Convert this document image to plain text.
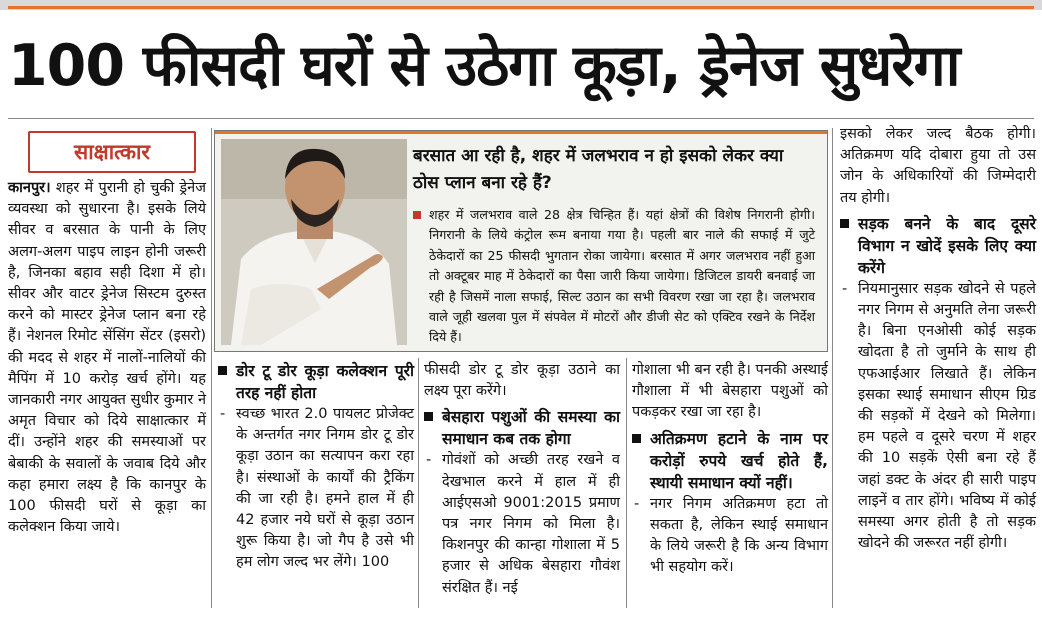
100 फीसदी घरों से उठेगा कूड़ा, ड्रेनेज सुधरेगा
साक्षात्कार

कानपुर। शहर में पुरानी हो चुकी ड्रेनेज व्यवस्था को सुधारना है। इसके लिये सीवर व बरसात के पानी के लिए अलग-अलग पाइप लाइन होनी जरूरी है, जिनका बहाव सही दिशा में हो। सीवर और वाटर ड्रेनेज सिस्टम दुरुस्त करने को मास्टर ड्रेनेज प्लान बना रहे हैं। नेशनल रिमोट सेंसिंग सेंटर (इसरो) की मदद से शहर में नालों-नालियों की मैपिंग में 10 करोड़ खर्च होंगे। यह जानकारी नगर आयुक्त सुधीर कुमार ने अमृत विचार को दिये साक्षात्कार में दीं। उन्होंने शहर की समस्याओं पर बेबाकी के सवालों के जवाब दिये और कहा हमारा लक्ष्य है कि कानपुर के 100 फीसदी घरों से कूड़ा का कलेक्शन किया जाये।

बरसात आ रही है, शहर में जलभराव न हो इसको लेकर क्या ठोस प्लान बना रहे हैं?
शहर में जलभराव वाले 28 क्षेत्र चिन्हित हैं। यहां क्षेत्रों की विशेष निगरानी होगी। निगरानी के लिये कंट्रोल रूम बनाया गया है। पहली बार नाले की सफाई में जुटे ठेकेदारों का 25 फीसदी भुगतान रोका जायेगा। बरसात में अगर जलभराव नहीं हुआ तो अक्टूबर माह में ठेकेदारों का पैसा जारी किया जायेगा। डिजिटल डायरी बनवाई जा रही है जिसमें नाला सफाई, सिल्ट उठान का सभी विवरण रखा जा रहा है। जलभराव वाले जूही खलवा पुल में संपवेल में मोटरों और डीजी सेट को एक्टिव रखने के निर्देश दिये हैं।
डोर टू डोर कूड़ा कलेक्शन पूरी तरह नहीं होता

- स्वच्छ भारत 2.0 पायलट प्रोजेक्ट के अन्तर्गत नगर निगम डोर टू डोर कूड़ा उठान का सत्यापन करा रहा है। संस्थाओं के कार्यों की ट्रैकिंग की जा रही है। हमने हाल में ही 42 हजार नये घरों से कूड़ा उठान शुरू किया है। जो गैप है उसे भी हम लोग जल्द भर लेंगे। 100

फीसदी डोर टू डोर कूड़ा उठाने का लक्ष्य पूरा करेंगे।

बेसहारा पशुओं की समस्या का समाधान कब तक होगा

- गोवंशों को अच्छी तरह रखने व देखभाल करने में हाल में ही आईएसओ 9001:2015 प्रमाण पत्र नगर निगम को मिला है। किशनपुर की कान्हा गोशाला में 5 हजार से अधिक बेसहारा गौवंश संरक्षित हैं। नई

गोशाला भी बन रही है। पनकी अस्थाई गौशाला में भी बेसहारा पशुओं को पकड़कर रखा जा रहा है।

अतिक्रमण हटाने के नाम पर करोड़ों रुपये खर्च होते हैं, स्थायी समाधान क्यों नहीं।

- नगर निगम अतिक्रमण हटा तो सकता है, लेकिन स्थाई समाधान के लिये जरूरी है कि अन्य विभाग भी सहयोग करें।

इसको लेकर जल्द बैठक होगी। अतिक्रमण यदि दोबारा हुया तो उस जोन के अधिकारियों की जिम्मेदारी तय होगी।

सड़क बनने के बाद दूसरे विभाग न खोदें इसके लिए क्या करेंगे

- नियमानुसार सड़क खोदने से पहले नगर निगम से अनुमति लेना जरूरी है। बिना एनओसी कोई सड़क खोदता है तो जुर्माने के साथ ही एफआईआर लिखाते हैं। लेकिन इसका स्थाई समाधान सीएम ग्रिड की सड़कों में देखने को मिलेगा। हम पहले व दूसरे चरण में शहर की 10 सड़कें ऐसी बना रहे हैं जहां डक्ट के अंदर ही सारी पाइप लाइनें व तार होंगे। भविष्य में कोई समस्या अगर होती है तो सड़क खोदने की जरूरत नहीं होगी।
